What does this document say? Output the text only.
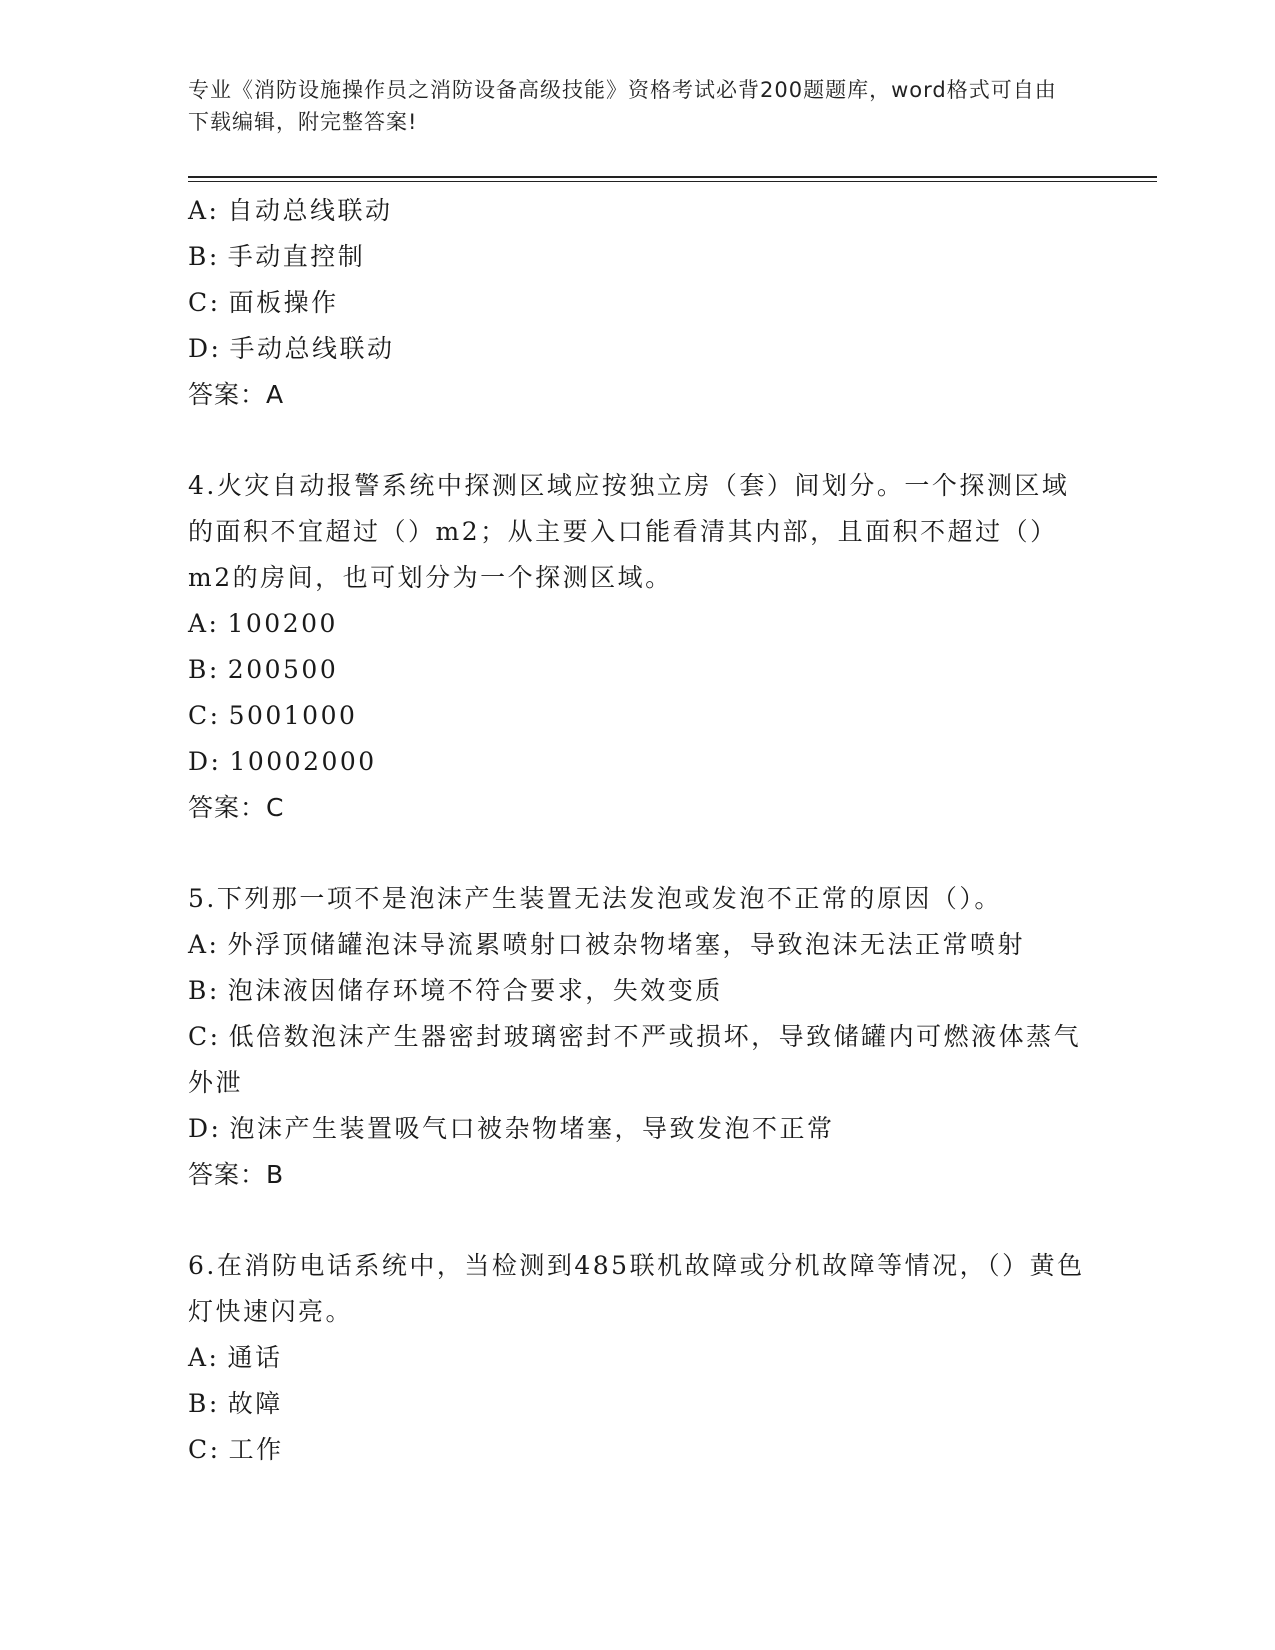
专业《消防设施操作员之消防设备高级技能》资格考试必背200题题库，word格式可自由下载编辑，附完整答案!

A: 自动总线联动

B: 手动直控制

C: 面板操作

D: 手动总线联动

答案：A

4.火灾自动报警系统中探测区域应按独立房（套）间划分。一个探测区域的面积不宜超过（）m2；从主要入口能看清其内部，且面积不超过（）m2的房间，也可划分为一个探测区域。

A: 100200

B: 200500

C: 5001000

D: 10002000

答案：C

5.下列那一项不是泡沫产生装置无法发泡或发泡不正常的原因（）。

A: 外浮顶储罐泡沫导流累喷射口被杂物堵塞，导致泡沫无法正常喷射

B: 泡沫液因储存环境不符合要求，失效变质

C: 低倍数泡沫产生器密封玻璃密封不严或损坏，导致储罐内可燃液体蒸气外泄

D: 泡沫产生装置吸气口被杂物堵塞，导致发泡不正常

答案：B

6.在消防电话系统中，当检测到485联机故障或分机故障等情况，（）黄色灯快速闪亮。

A: 通话

B: 故障

C: 工作
